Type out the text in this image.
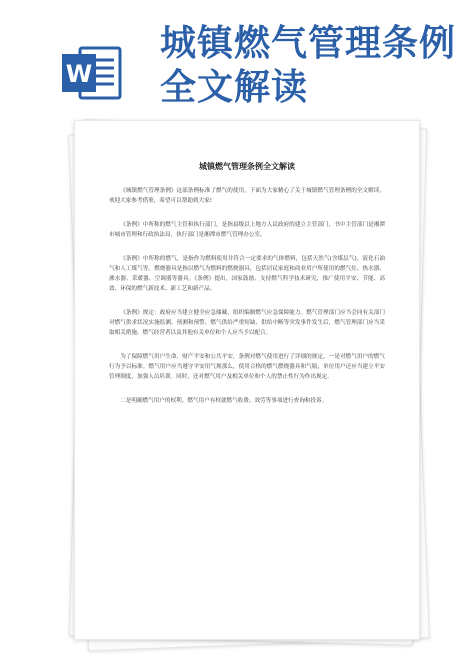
W
城镇燃气管理条例
全文解读
城镇燃气管理条例全文解读

《城镇燃气管理条例》这部条例标准了燃气的使用，下面为大家精心了关于城镇燃气管理条例的全文解读，欢迎大家参考借鉴，希望可以帮助到大家!

《条例》中所称的燃气主管和执行部门，是指县级以上地方人民政府的建立主管部门，书中主管部门是湘潭市城市管理和行政执法局，执行部门是湘潭市燃气管理办公室。

《条例》中所称的燃气，是指作为燃料使用并符合一定要求的气体燃料，包括天然气(含煤层气)、液化石油气和人工煤气等。燃烧器具是指以燃气为燃料的燃烧器具，包括居民家庭和商业用户所使用的燃气灶、热水器、沸水器、采暖器、空调器等器具。《条例》提出，国家鼓励、支持燃气科学技术研究，推广使用平安、节能、高效、环保的燃气新技术、新工艺和新产品。

《条例》规定：政府应当建立健全应急储藏，组织编制燃气应急保障能力。燃气管理部门应当会同有关部门对燃气供求状况实施监测、预测和预警。燃气供给严重短缺、供给中断等突发事件发生后，燃气管理部门应当采取相关措施，燃气经营者以及其他有关单位和个人应当予以配合。

为了保障燃气用户生命、财产平安和公共平安，条例对燃气使用进行了详细的规定，一是对燃气用户的燃气行为予以标准。燃气用户应当遵守平安用气规那么，使用合格的燃气燃烧器具和气瓶，单位用户还应当建立平安管理制度，加强人员培训。同时，还对燃气用户及相关单位和个人的禁止性行为作出规定。

二是明确燃气用户的权利。燃气用户有权就燃气收费、效劳等事项进行查询和投诉。
